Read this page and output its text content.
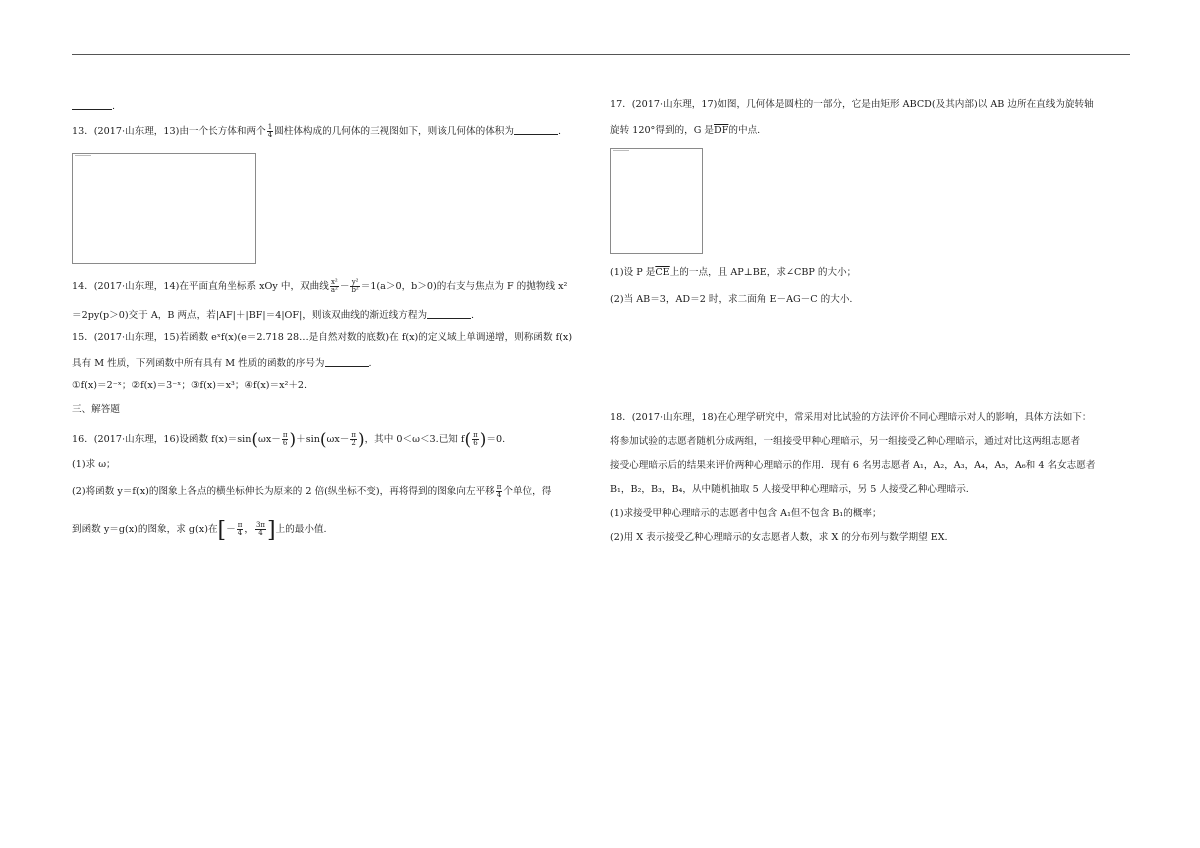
.
13．(2017·山东理，13)由一个长方体和两个 $\frac{1}{4}$ 圆柱体构成的几何体的三视图如下，则该几何体的体积为	.
14．(2017·山东理，14)在平面直角坐标系 xOy 中，双曲线 $\frac{\text{x²}}{\text{a²}} - \frac{\text{y²}}{\text{b²}} =1(a>0$，b＞0)的右支与焦点为 F 的抛物线 x²
＝2py(p＞0)交于 A，B 两点，若|AF|＋|BF|＝4|OF|，则该双曲线的渐近线方程为	.
15．(2017·山东理，15)若函数 eˣf(x)(e＝2.718 28…是自然对数的底数)在 f(x)的定义域上单调递增，则称函数 f(x)
具有 M 性质，下列函数中所有具有 M 性质的函数的序号为	.
①f(x)＝2⁻ˣ；②f(x)＝3⁻ˣ；③f(x)＝x³；④f(x)＝x²＋2.
三、解答题
16．(2017·山东理，16)设函数 $f(x)=\sin(\omega x- \frac{\pi}{6} )+\sin(\omega x- \frac{\pi}{2}$ )，其中 0＜ω＜3.已知 $f( \frac{\pi}{6} )=0$.
(1)求 ω；
(2)将函数 y＝f(x)的图象上各点的横坐标伸长为原来的 2 倍(纵坐标不变)，再将得到的图象向左平移 $\frac{\pi}{4}$ 个单位，得
到函数 y＝g(x)的图象，求 g(x)在[－ $\frac{\pi}{4}$ ， $\frac{3\pi}{4}$ ]上的最小值.
17．(2017·山东理，17)如图，几何体是圆柱的一部分，它是由矩形 ABCD(及其内部)以 AB 边所在直线为旋转轴
旋转 120°得到的，G 是$\overline{DF}$的中点.
(1)设 P 是$\overline{CE}$上的一点，且 AP⊥BE，求∠CBP 的大小；
(2)当 AB＝3，AD＝2 时，求二面角 E－AG－C 的大小.
18．(2017·山东理，18)在心理学研究中，常采用对比试验的方法评价不同心理暗示对人的影响，具体方法如下：
将参加试验的志愿者随机分成两组，一组接受甲种心理暗示，另一组接受乙种心理暗示，通过对比这两组志愿者
接受心理暗示后的结果来评价两种心理暗示的作用．现有 6 名男志愿者 A₁，A₂，A₃，A₄，A₅，A₆和 4 名女志愿者
B₁，B₂，B₃，B₄，从中随机抽取 5 人接受甲种心理暗示，另 5 人接受乙种心理暗示.
(1)求接受甲种心理暗示的志愿者中包含 A₁但不包含 B₁的概率；
(2)用 X 表示接受乙种心理暗示的女志愿者人数，求 X 的分布列与数学期望 EX.
